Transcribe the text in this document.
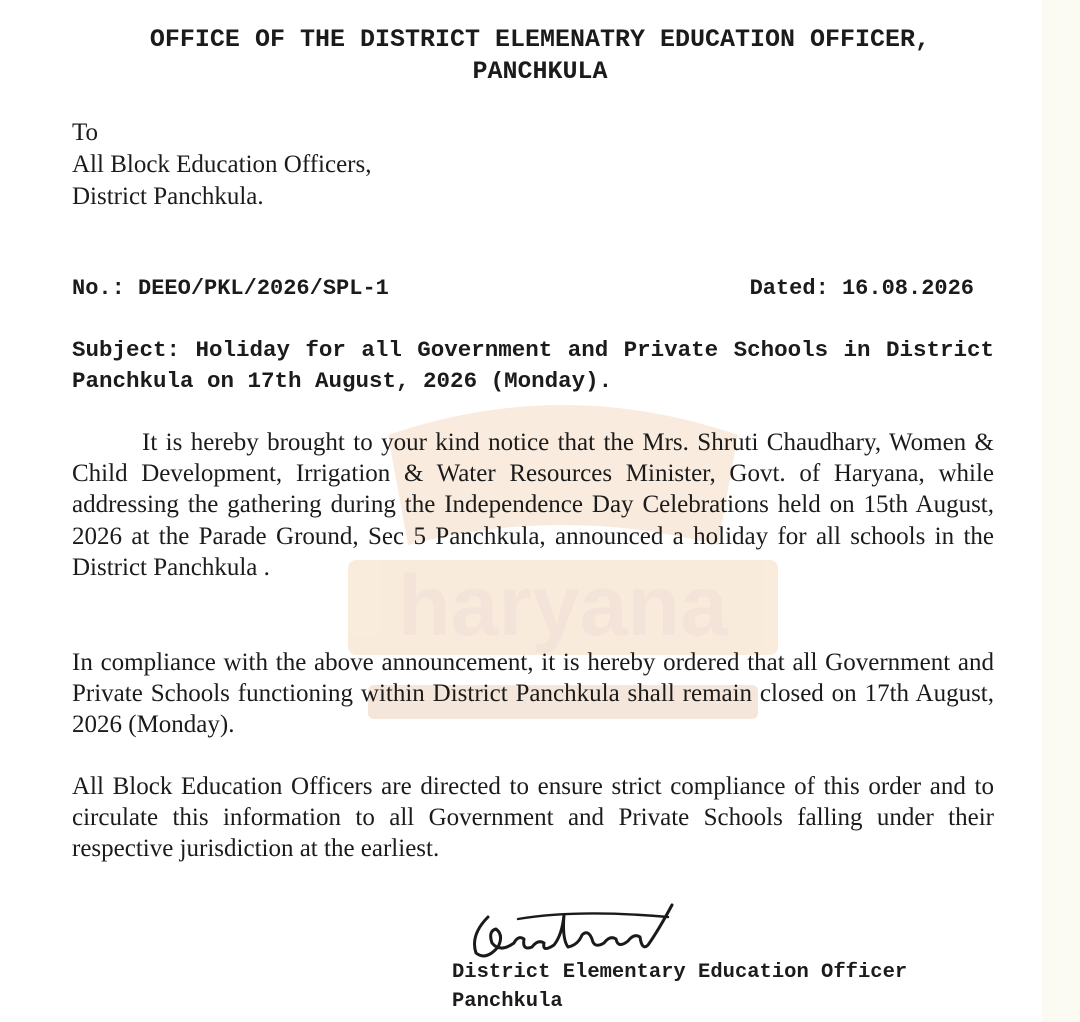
haryana
OFFICE OF THE DISTRICT ELEMENATRY EDUCATION OFFICER,
PANCHKULA
To
All Block Education Officers,
District Panchkula.
No.: DEEO/PKL/2026/SPL-1	Dated: 16.08.2026
Subject: Holiday for all Government and Private Schools in District Panchkula on 17th August, 2026 (Monday).
It is hereby brought to your kind notice that the Mrs. Shruti Chaudhary, Women & Child Development, Irrigation & Water Resources Minister, Govt. of Haryana, while addressing the gathering during the Independence Day Celebrations held on 15th August, 2026 at the Parade Ground, Sec 5 Panchkula, announced a holiday for all schools in the District Panchkula .
In compliance with the above announcement, it is hereby ordered that all Government and Private Schools functioning within District Panchkula shall remain closed on 17th August, 2026 (Monday).
All Block Education Officers are directed to ensure strict compliance of this order and to circulate this information to all Government and Private Schools falling under their respective jurisdiction at the earliest.
District Elementary Education Officer
Panchkula
